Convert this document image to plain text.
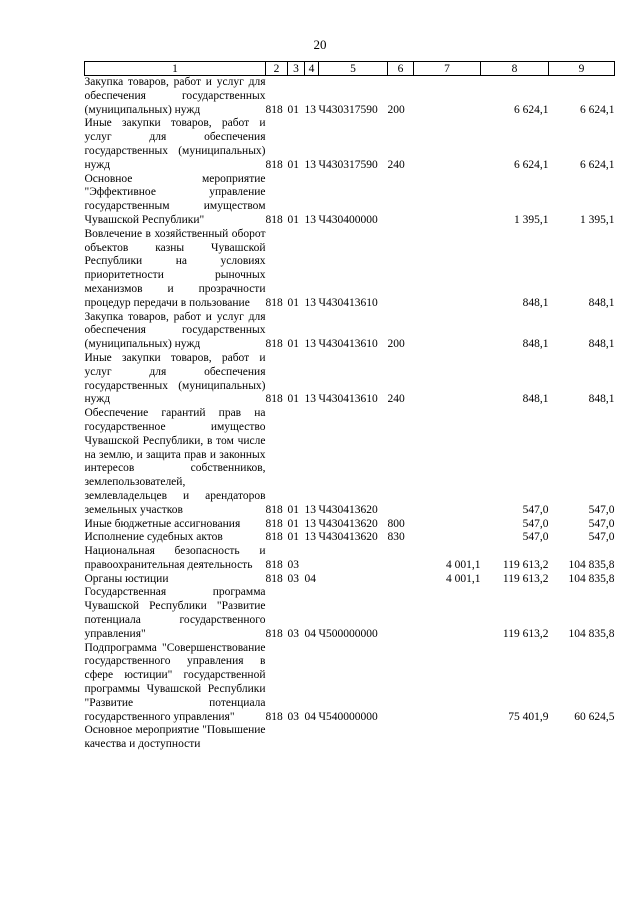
20
1	2	3	4	5	6	7	8	9
Закупка товаров, работ и услуг для обеспечения государственных (муниципальных) нужд	818	01	13	Ч430317590	200		6 624,1	6 624,1
Иные закупки товаров, работ и услуг для обеспечения государственных (муниципальных) нужд	818	01	13	Ч430317590	240		6 624,1	6 624,1
Основное мероприятие "Эффективное управление государственным имуществом Чувашской Республики"	818	01	13	Ч430400000			1 395,1	1 395,1
Вовлечение в хозяйственный оборот объектов казны Чувашской Республики на условиях приоритетности рыночных механизмов и прозрачности процедур передачи в пользование	818	01	13	Ч430413610			848,1	848,1
Закупка товаров, работ и услуг для обеспечения государственных (муниципальных) нужд	818	01	13	Ч430413610	200		848,1	848,1
Иные закупки товаров, работ и услуг для обеспечения государственных (муниципальных) нужд	818	01	13	Ч430413610	240		848,1	848,1
Обеспечение гарантий прав на государственное имущество Чувашской Республики, в том числе на землю, и защита прав и законных интересов собственников, землепользователей, землевладельцев и арендаторов земельных участков	818	01	13	Ч430413620			547,0	547,0
Иные бюджетные ассигнования	818	01	13	Ч430413620	800		547,0	547,0
Исполнение судебных актов	818	01	13	Ч430413620	830		547,0	547,0
Национальная безопасность и правоохранительная деятельность	818	03				4 001,1	119 613,2	104 835,8
Органы юстиции	818	03	04			4 001,1	119 613,2	104 835,8
Государственная программа Чувашской Республики "Развитие потенциала государственного управления"	818	03	04	Ч500000000			119 613,2	104 835,8
Подпрограмма "Совершенствование государственного управления в сфере юстиции" государственной программы Чувашской Республики "Развитие потенциала государственного управления"	818	03	04	Ч540000000			75 401,9	60 624,5
Основное мероприятие "Повышение качества и доступности								
